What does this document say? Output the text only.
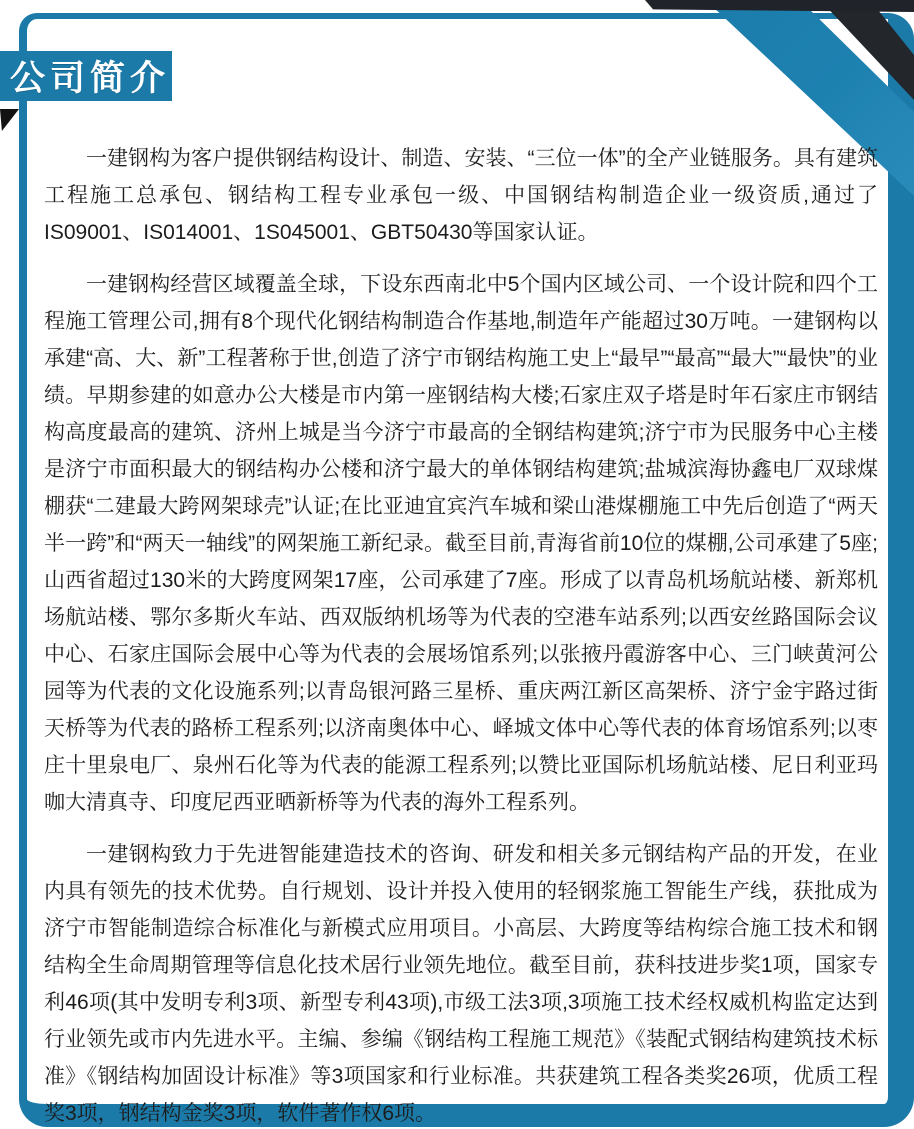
公司简介

一建钢构为客户提供钢结构设计、制造、安装、“三位一体”的全产业链服务。具有建筑工程施工总承包、钢结构工程专业承包一级、中国钢结构制造企业一级资质,通过了IS09001、IS014001、1S045001、GBT50430等国家认证。

一建钢构经营区域覆盖全球，下设东西南北中5个国内区域公司、一个设计院和四个工程施工管理公司,拥有8个现代化钢结构制造合作基地,制造年产能超过30万吨。一建钢构以承建“高、大、新”工程著称于世,创造了济宁市钢结构施工史上“最早”“最高”“最大”“最快”的业绩。早期参建的如意办公大楼是市内第一座钢结构大楼;石家庄双子塔是时年石家庄市钢结构高度最高的建筑、济州上城是当今济宁市最高的全钢结构建筑;济宁市为民服务中心主楼是济宁市面积最大的钢结构办公楼和济宁最大的单体钢结构建筑;盐城滨海协鑫电厂双球煤棚获“二建最大跨网架球壳”认证;在比亚迪宜宾汽车城和梁山港煤棚施工中先后创造了“两天半一跨”和“两天一轴线”的网架施工新纪录。截至目前,青海省前10位的煤棚,公司承建了5座;山西省超过130米的大跨度网架17座，公司承建了7座。形成了以青岛机场航站楼、新郑机场航站楼、鄂尔多斯火车站、西双版纳机场等为代表的空港车站系列;以西安丝路国际会议中心、石家庄国际会展中心等为代表的会展场馆系列;以张掖丹霞游客中心、三门峡黄河公园等为代表的文化设施系列;以青岛银河路三星桥、重庆两江新区高架桥、济宁金宇路过街天桥等为代表的路桥工程系列;以济南奥体中心、峄城文体中心等代表的体育场馆系列;以枣庄十里泉电厂、泉州石化等为代表的能源工程系列;以赞比亚国际机场航站楼、尼日利亚玛咖大清真寺、印度尼西亚晒新桥等为代表的海外工程系列。

一建钢构致力于先进智能建造技术的咨询、研发和相关多元钢结构产品的开发，在业内具有领先的技术优势。自行规划、设计并投入使用的轻钢浆施工智能生产线，获批成为济宁市智能制造综合标准化与新模式应用项目。小高层、大跨度等结构综合施工技术和钢结构全生命周期管理等信息化技术居行业领先地位。截至目前，获科技进步奖1项，国家专利46项(其中发明专利3项、新型专利43项),市级工法3项,3项施工技术经权威机构监定达到行业领先或市内先进水平。主编、参编《钢结构工程施工规范》《装配式钢结构建筑技术标准》《钢结构加固设计标准》等3项国家和行业标准。共获建筑工程各类奖26项，优质工程奖3项，钢结构金奖3项，软件著作权6项。
